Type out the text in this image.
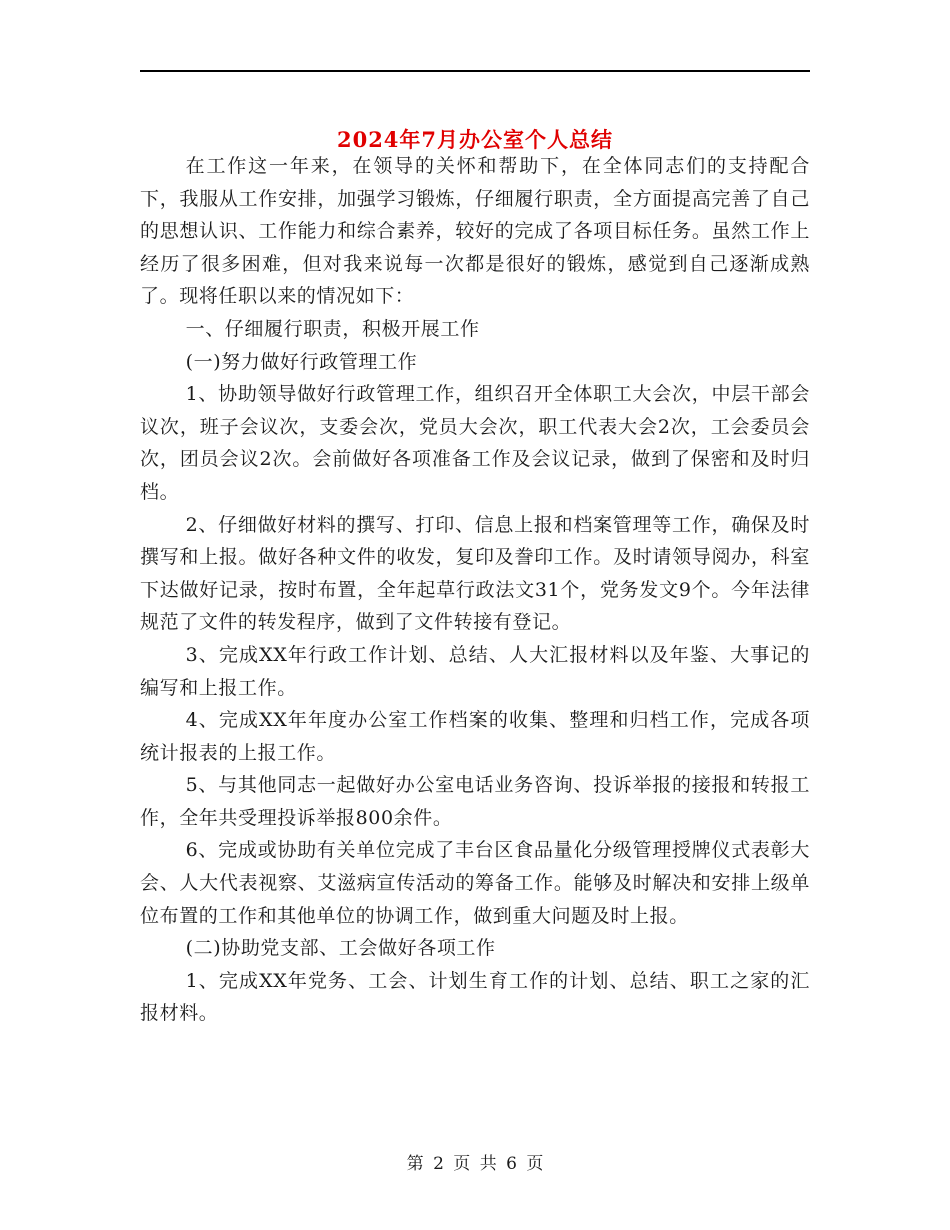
2024年7月办公室个人总结

在工作这一年来，在领导的关怀和帮助下，在全体同志们的支持配合下，我服从工作安排，加强学习锻炼，仔细履行职责，全方面提高完善了自己的思想认识、工作能力和综合素养，较好的完成了各项目标任务。虽然工作上经历了很多困难，但对我来说每一次都是很好的锻炼，感觉到自己逐渐成熟了。现将任职以来的情况如下：

一、仔细履行职责，积极开展工作

(一)努力做好行政管理工作

1、协助领导做好行政管理工作，组织召开全体职工大会次，中层干部会议次，班子会议次，支委会次，党员大会次，职工代表大会2次，工会委员会次，团员会议2次。会前做好各项准备工作及会议记录，做到了保密和及时归档。

2、仔细做好材料的撰写、打印、信息上报和档案管理等工作，确保及时撰写和上报。做好各种文件的收发，复印及誊印工作。及时请领导阅办，科室下达做好记录，按时布置，全年起草行政法文31个，党务发文9个。今年法律规范了文件的转发程序，做到了文件转接有登记。

3、完成XX年行政工作计划、总结、人大汇报材料以及年鉴、大事记的编写和上报工作。

4、完成XX年年度办公室工作档案的收集、整理和归档工作，完成各项统计报表的上报工作。

5、与其他同志一起做好办公室电话业务咨询、投诉举报的接报和转报工作，全年共受理投诉举报800余件。

6、完成或协助有关单位完成了丰台区食品量化分级管理授牌仪式表彰大会、人大代表视察、艾滋病宣传活动的筹备工作。能够及时解决和安排上级单位布置的工作和其他单位的协调工作，做到重大问题及时上报。

(二)协助党支部、工会做好各项工作

1、完成XX年党务、工会、计划生育工作的计划、总结、职工之家的汇报材料。

第 2 页 共 6 页
